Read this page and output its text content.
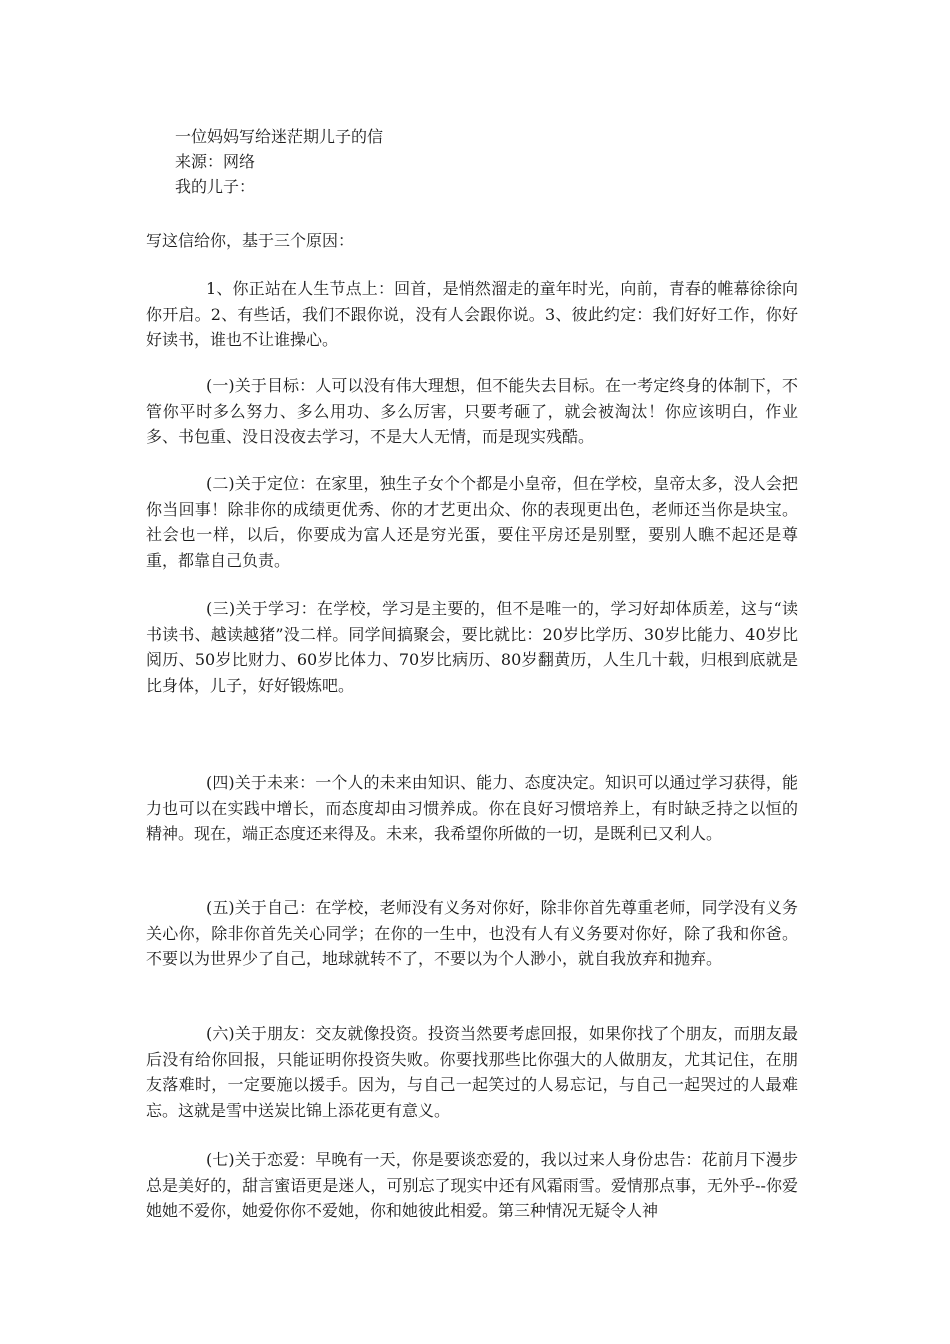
一位妈妈写给迷茫期儿子的信
来源：网络
我的儿子：
写这信给你，基于三个原因：
1、你正站在人生节点上：回首，是悄然溜走的童年时光，向前，青春的帷幕徐徐向你开启。2、有些话，我们不跟你说，没有人会跟你说。3、彼此约定：我们好好工作，你好好读书，谁也不让谁操心。
(一)关于目标：人可以没有伟大理想，但不能失去目标。在一考定终身的体制下，不管你平时多么努力、多么用功、多么厉害，只要考砸了，就会被淘汰！你应该明白，作业多、书包重、没日没夜去学习，不是大人无情，而是现实残酷。
(二)关于定位：在家里，独生子女个个都是小皇帝，但在学校，皇帝太多，没人会把你当回事！除非你的成绩更优秀、你的才艺更出众、你的表现更出色，老师还当你是块宝。社会也一样，以后，你要成为富人还是穷光蛋，要住平房还是别墅，要别人瞧不起还是尊重，都靠自己负责。
(三)关于学习：在学校，学习是主要的，但不是唯一的，学习好却体质差，这与“读书读书、越读越猪”没二样。同学间搞聚会，要比就比：20岁比学历、30岁比能力、40岁比阅历、50岁比财力、60岁比体力、70岁比病历、80岁翻黄历，人生几十载，归根到底就是比身体，儿子，好好锻炼吧。
(四)关于未来：一个人的未来由知识、能力、态度决定。知识可以通过学习获得，能力也可以在实践中增长，而态度却由习惯养成。你在良好习惯培养上，有时缺乏持之以恒的精神。现在，端正态度还来得及。未来，我希望你所做的一切，是既利已又利人。
(五)关于自己：在学校，老师没有义务对你好，除非你首先尊重老师，同学没有义务关心你，除非你首先关心同学；在你的一生中，也没有人有义务要对你好，除了我和你爸。不要以为世界少了自己，地球就转不了，不要以为个人渺小，就自我放弃和抛弃。
(六)关于朋友：交友就像投资。投资当然要考虑回报，如果你找了个朋友，而朋友最后没有给你回报，只能证明你投资失败。你要找那些比你强大的人做朋友，尤其记住，在朋友落难时，一定要施以援手。因为，与自己一起笑过的人易忘记，与自己一起哭过的人最难忘。这就是雪中送炭比锦上添花更有意义。
(七)关于恋爱：早晚有一天，你是要谈恋爱的，我以过来人身份忠告：花前月下漫步总是美好的，甜言蜜语更是迷人，可别忘了现实中还有风霜雨雪。爱情那点事，无外乎--你爱她她不爱你，她爱你你不爱她，你和她彼此相爱。第三种情况无疑令人神
